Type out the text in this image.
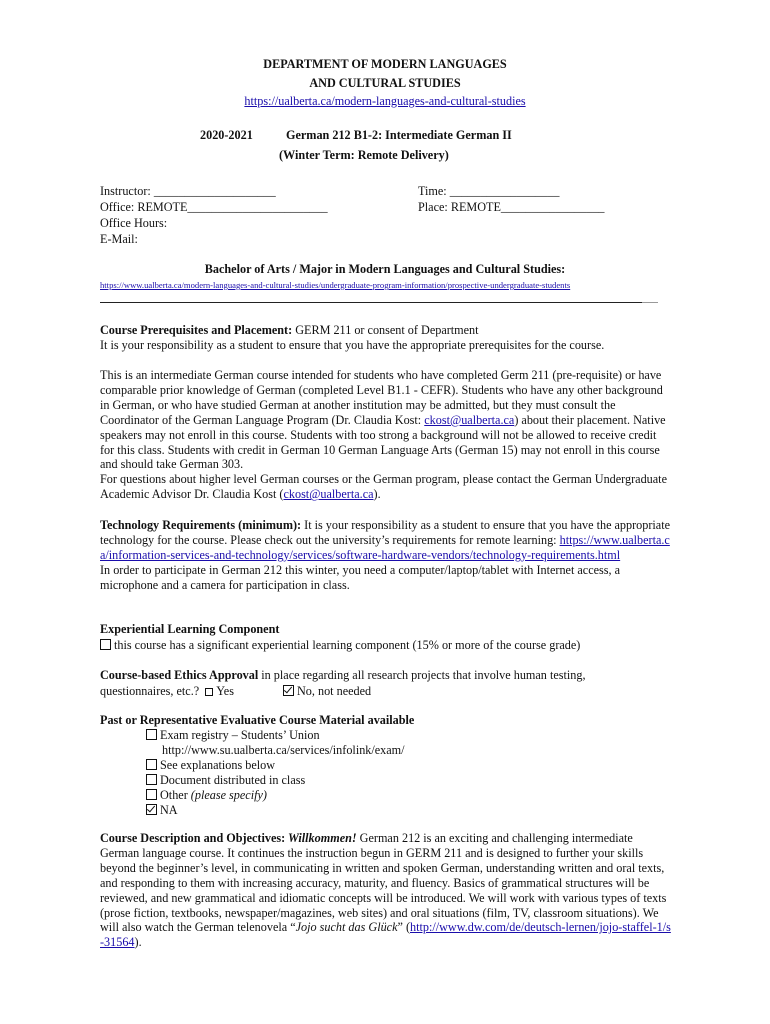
DEPARTMENT OF MODERN LANGUAGES
AND CULTURAL STUDIES
https://ualberta.ca/modern-languages-and-cultural-studies
2020-2021	German 212 B1-2: Intermediate German II
(Winter Term: Remote Delivery)
Instructor: ____________________
Office: REMOTE_______________________
Office Hours:
E-Mail:
Time: __________________
Place: REMOTE_________________
Bachelor of Arts / Major in Modern Languages and Cultural Studies:
https://www.ualberta.ca/modern-languages-and-cultural-studies/undergraduate-program-information/prospective-undergraduate-students
Course Prerequisites and Placement: GERM 211 or consent of Department
It is your responsibility as a student to ensure that you have the appropriate prerequisites for the course.
This is an intermediate German course intended for students who have completed Germ 211 (pre-requisite) or have comparable prior knowledge of German (completed Level B1.1 - CEFR). Students who have any other background in German, or who have studied German at another institution may be admitted, but they must consult the Coordinator of the German Language Program (Dr. Claudia Kost: ckost@ualberta.ca) about their placement. Native speakers may not enroll in this course. Students with too strong a background will not be allowed to receive credit for this class. Students with credit in German 10 German Language Arts (German 15) may not enroll in this course and should take German 303.
For questions about higher level German courses or the German program, please contact the German Undergraduate Academic Advisor Dr. Claudia Kost (ckost@ualberta.ca).
Technology Requirements (minimum): It is your responsibility as a student to ensure that you have the appropriate technology for the course. Please check out the university’s requirements for remote learning: https://www.ualberta.ca/information-services-and-technology/services/software-hardware-vendors/technology-requirements.html
In order to participate in German 212 this winter, you need a computer/laptop/tablet with Internet access, a microphone and a camera for participation in class.
Experiential Learning Component
this course has a significant experiential learning component (15% or more of the course grade)
Course-based Ethics Approval in place regarding all research projects that involve human testing,
questionnaires, etc.? Yes	No, not needed
Past or Representative Evaluative Course Material available
Exam registry – Students’ Union
http://www.su.ualberta.ca/services/infolink/exam/
See explanations below
Document distributed in class
Other (please specify)
NA
Course Description and Objectives: Willkommen! German 212 is an exciting and challenging intermediate German language course. It continues the instruction begun in GERM 211 and is designed to further your skills beyond the beginner’s level, in communicating in written and spoken German, understanding written and oral texts, and responding to them with increasing accuracy, maturity, and fluency. Basics of grammatical structures will be reviewed, and new grammatical and idiomatic concepts will be introduced. We will work with various types of texts (prose fiction, textbooks, newspaper/magazines, web sites) and oral situations (film, TV, classroom situations). We will also watch the German telenovela “Jojo sucht das Glück” (http://www.dw.com/de/deutsch-lernen/jojo-staffel-1/s-31564).
